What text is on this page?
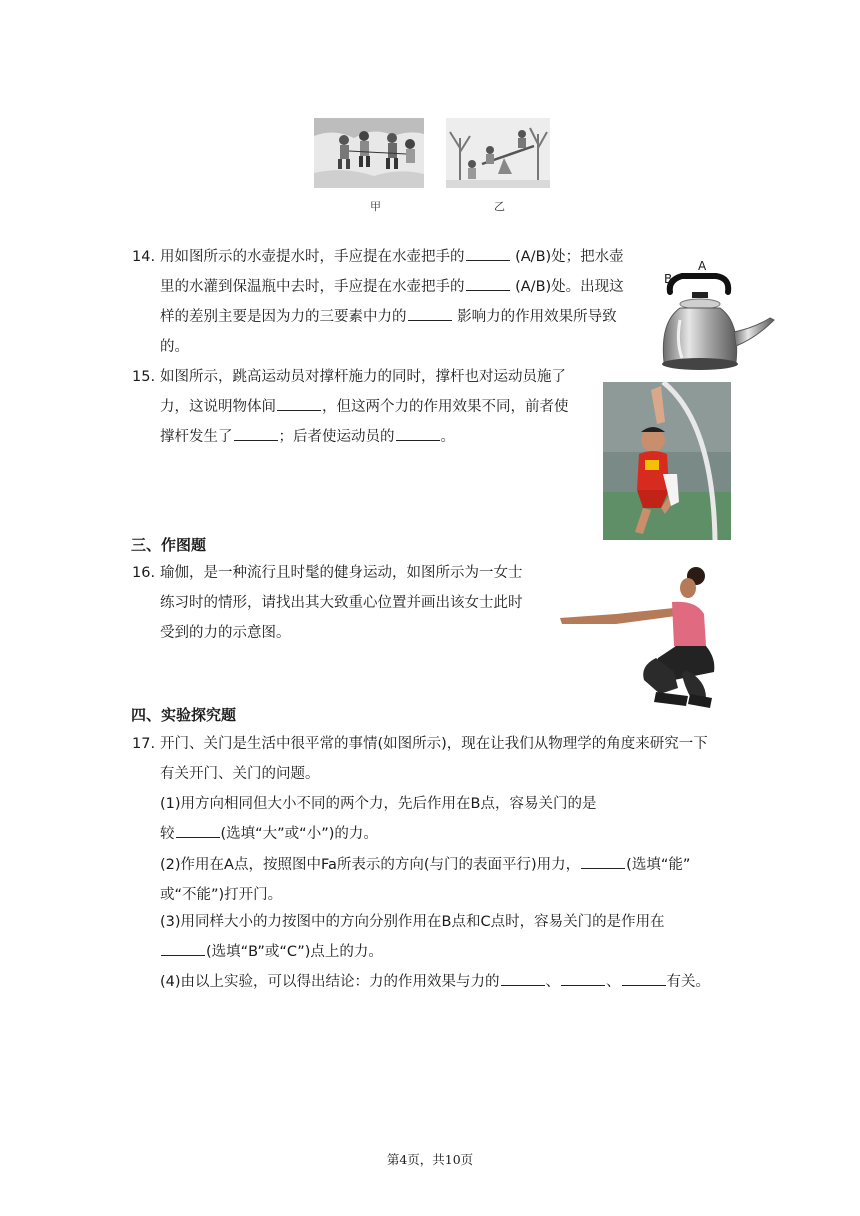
甲	乙
14. 用如图所示的水壶提水时，手应提在水壶把手的	(A/B)处；把水壶
里的水灌到保温瓶中去时，手应提在水壶把手的	(A/B)处。出现这
样的差别主要是因为力的三要素中力的	影响力的作用效果所导致
的。
A
B
15. 如图所示，跳高运动员对撑杆施力的同时，撑杆也对运动员施了
力，这说明物体间	，但这两个力的作用效果不同，前者使
撑杆发生了	；后者使运动员的	。
三、作图题
16. 瑜伽，是一种流行且时髦的健身运动，如图所示为一女士
练习时的情形，请找出其大致重心位置并画出该女士此时
受到的力的示意图。
四、实验探究题
17. 开门、关门是生活中很平常的事情(如图所示)，现在让我们从物理学的角度来研究一下
有关开门、关门的问题。
(1)用方向相同但大小不同的两个力，先后作用在B点，容易关门的是
较	(选填“大”或“小”)的力。
(2)作用在A点，按照图中Fa所表示的方向(与门的表面平行)用力，	(选填“能”
或“不能”)打开门。
(3)用同样大小的力按图中的方向分别作用在B点和C点时，容易关门的是作用在
(选填“B”或“C”)点上的力。
(4)由以上实验，可以得出结论：力的作用效果与力的	、	、	有关。
第4页，共10页
